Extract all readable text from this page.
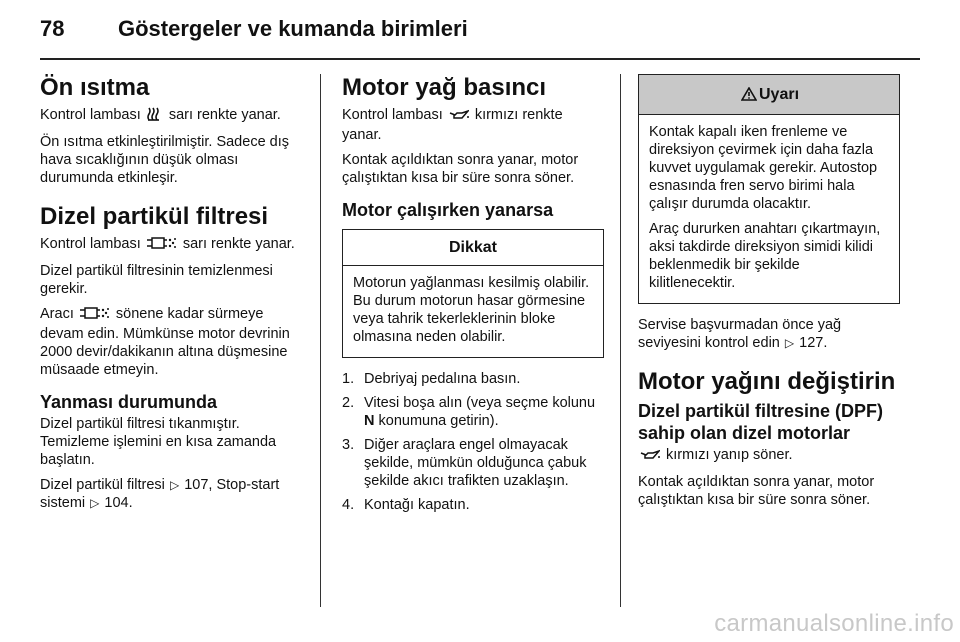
78 Göstergeler ve kumanda birimleri
Ön ısıtma

Kontrol lambası sarı renkte yanar.

Ön ısıtma etkinleştirilmiştir. Sadece dış hava sıcaklığının düşük olması durumunda etkinleşir.

Dizel partikül filtresi

Kontrol lambası	sarı renkte yanar.

Dizel partikül filtresinin temizlenmesi gerekir.

Aracı	sönene kadar sürmeye devam edin. Mümkünse motor devrinin 2000 devir/dakikanın altına düşmesine müsaade etmeyin.

Yanması durumunda

Dizel partikül filtresi tıkanmıştır. Temizleme işlemini en kısa zamanda başlatın.

Dizel partikül filtresi ▷ 107, Stop-start sistemi ▷ 104.

Motor yağ basıncı

Kontrol lambası kırmızı renkte yanar.

Kontak açıldıktan sonra yanar, motor çalıştıktan kısa bir süre sonra söner.

Motor çalışırken yanarsa
Dikkat

Motorun yağlanması kesilmiş olabilir. Bu durum motorun hasar görmesine veya tahrik tekerleklerinin bloke olmasına neden olabilir.

1. Debriyaj pedalına basın.
2. Vitesi boşa alın (veya seçme kolunu N konumuna getirin).
3. Diğer araçlara engel olmayacak şekilde, mümkün olduğunca çabuk şekilde akıcı trafikten uzaklaşın.
4. Kontağı kapatın.
Uyarı

Kontak kapalı iken frenleme ve direksiyon çevirmek için daha fazla kuvvet uygulamak gerekir. Autostop esnasında fren servo birimi hala çalışır durumda olacaktır.

Araç dururken anahtarı çıkartmayın, aksi takdirde direksiyon simidi kilidi beklenmedik bir şekilde kilitlenecektir.

Servise başvurmadan önce yağ seviyesini kontrol edin ▷ 127.

Motor yağını değiştirin
Dizel partikül filtresine (DPF) sahip olan dizel motorlar

kırmızı yanıp söner.

Kontak açıldıktan sonra yanar, motor çalıştıktan kısa bir süre sonra söner.

carmanualsonline.info
